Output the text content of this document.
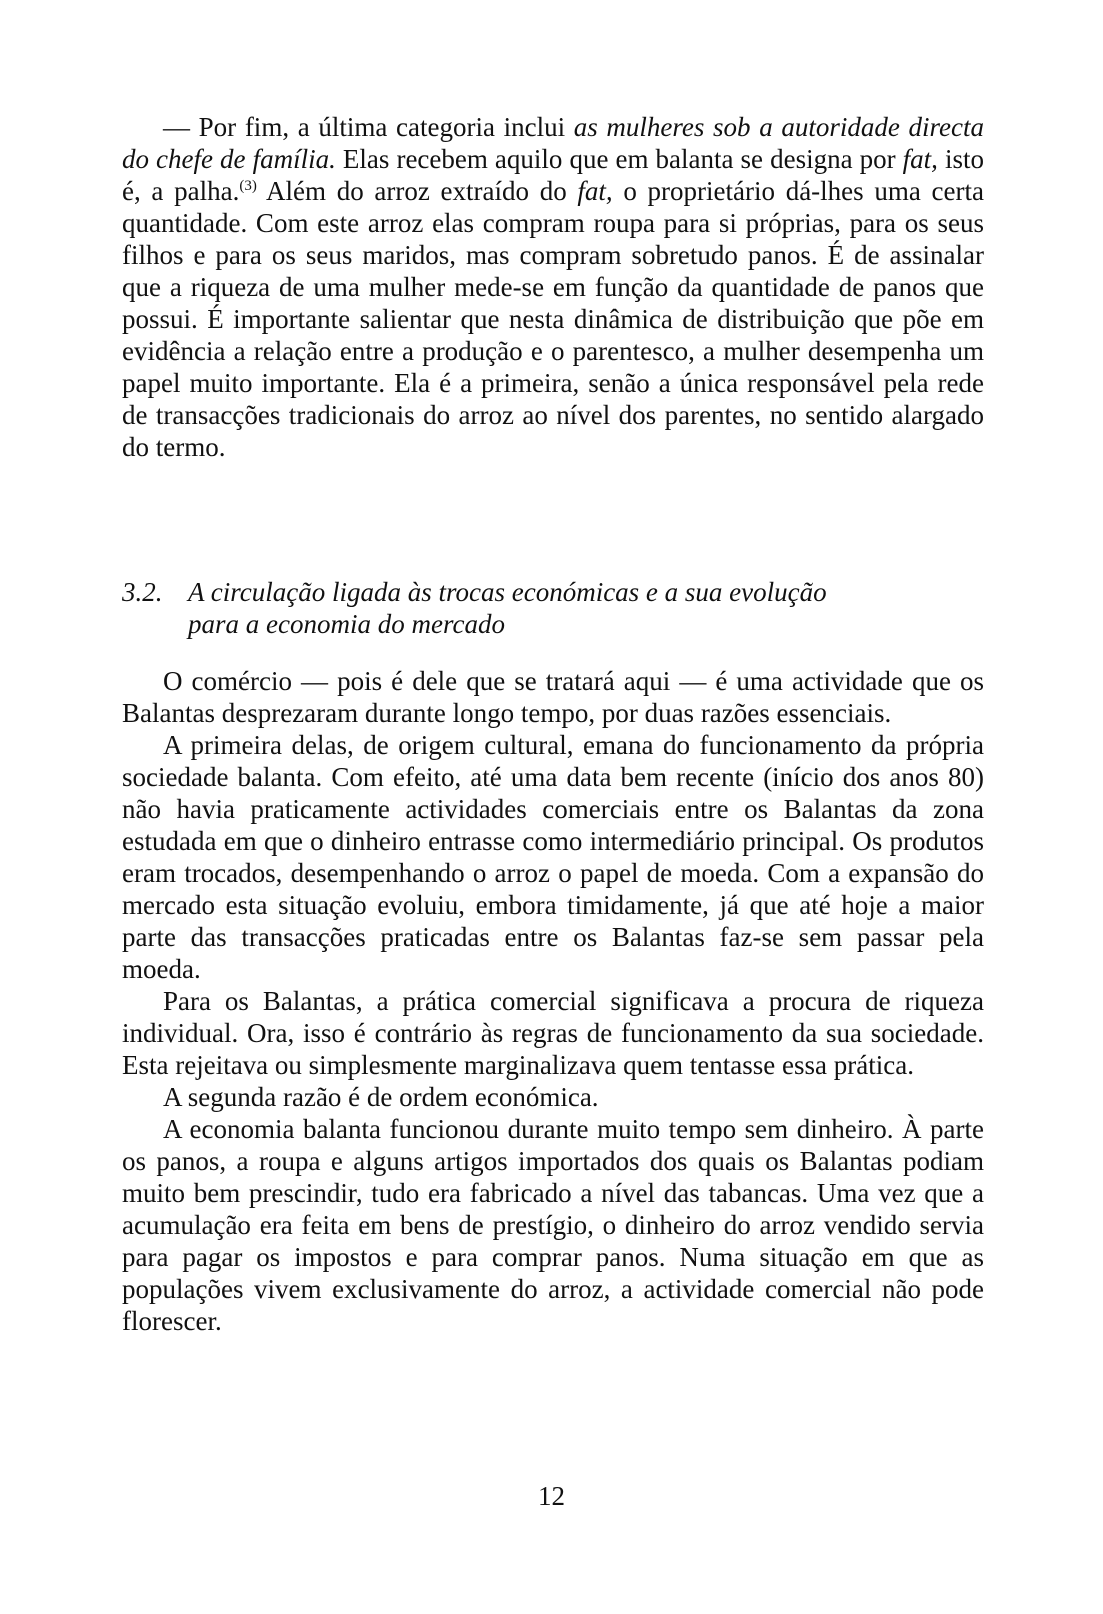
— Por fim, a última categoria inclui as mulheres sob a autoridade directa do chefe de família. Elas recebem aquilo que em balanta se designa por fat, isto é, a palha.$^{(3)}$ Além do arroz extraído do fat, o proprietário dá-lhes uma certa quantidade. Com este arroz elas compram roupa para si próprias, para os seus filhos e para os seus maridos, mas compram sobretudo panos. É de assinalar que a riqueza de uma mulher mede-se em função da quantidade de panos que possui. É importante salientar que nesta dinâmica de distribuição que põe em evidência a relação entre a produção e o parentesco, a mulher desempenha um papel muito importante. Ela é a primeira, senão a única responsável pela rede de transacções tradicionais do arroz ao nível dos parentes, no sentido alargado do termo.

3.2. A circulação ligada às trocas económicas e a sua evolução
para a economia do mercado

O comércio — pois é dele que se tratará aqui — é uma actividade que os Balantas desprezaram durante longo tempo, por duas razões essenciais.

A primeira delas, de origem cultural, emana do funcionamento da própria sociedade balanta. Com efeito, até uma data bem recente (início dos anos 80) não havia praticamente actividades comerciais entre os Balantas da zona estudada em que o dinheiro entrasse como intermediário principal. Os produtos eram trocados, desempenhando o arroz o papel de moeda. Com a expansão do mercado esta situação evoluiu, embora timidamente, já que até hoje a maior parte das transacções praticadas entre os Balantas faz-se sem passar pela moeda.

Para os Balantas, a prática comercial significava a procura de riqueza individual. Ora, isso é contrário às regras de funcionamento da sua sociedade. Esta rejeitava ou simplesmente marginalizava quem tentasse essa prática.

A segunda razão é de ordem económica.

A economia balanta funcionou durante muito tempo sem dinheiro. À parte os panos, a roupa e alguns artigos importados dos quais os Balantas podiam muito bem prescindir, tudo era fabricado a nível das tabancas. Uma vez que a acumulação era feita em bens de prestígio, o dinheiro do arroz vendido servia para pagar os impostos e para comprar panos. Numa situação em que as populações vivem exclusivamente do arroz, a actividade comercial não pode florescer.

12
